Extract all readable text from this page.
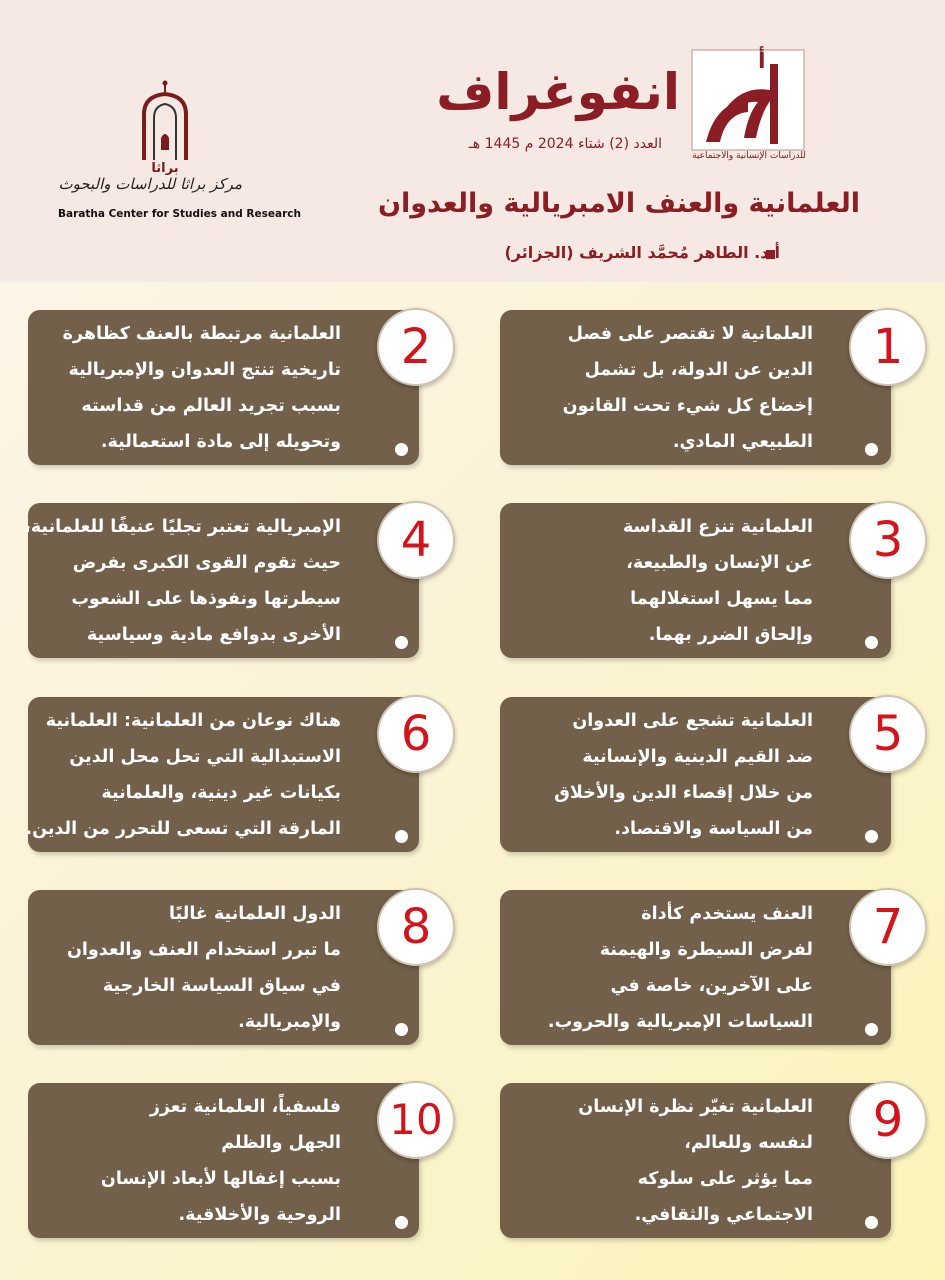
أ
للدراسات الإنسانية والاجتماعية
انفوغراف
العدد (2) شتاء 2024 م 1445 هـ
العلمانية والعنف الامبريالية والعدوان
أ.د. الطاهر مُحمَّد الشريف (الجزائر)
براثا
مركز براثا للدراسات والبحوث
Baratha Center for Studies and Research
العلمانية لا تقتصر على فصل
الدين عن الدولة، بل تشمل
إخضاع كل شيء تحت القانون
الطبيعي المادي.
1
العلمانية مرتبطة بالعنف كظاهرة
تاريخية تنتج العدوان والإمبريالية
بسبب تجريد العالم من قداسته
وتحويله إلى مادة استعمالية.
2
العلمانية تنزع القداسة
عن الإنسان والطبيعة،
مما يسهل استغلالهما
وإلحاق الضرر بهما.
3
الإمبريالية تعتبر تجليًا عنيفًا للعلمانية،
حيث تقوم القوى الكبرى بفرض
سيطرتها ونفوذها على الشعوب
الأخرى بدوافع مادية وسياسية
4
العلمانية تشجع على العدوان
ضد القيم الدينية والإنسانية
من خلال إقصاء الدين والأخلاق
من السياسة والاقتصاد.
5
هناك نوعان من العلمانية: العلمانية
الاستبدالية التي تحل محل الدين
بكيانات غير دينية، والعلمانية
المارقة التي تسعى للتحرر من الدين.
6
العنف يستخدم كأداة
لفرض السيطرة والهيمنة
على الآخرين، خاصة في
السياسات الإمبريالية والحروب.
7
الدول العلمانية غالبًا
ما تبرر استخدام العنف والعدوان
في سياق السياسة الخارجية
والإمبريالية.
8
العلمانية تغيّر نظرة الإنسان
لنفسه وللعالم،
مما يؤثر على سلوكه
الاجتماعي والثقافي.
9
فلسفياً، العلمانية تعزز
الجهل والظلم
بسبب إغفالها لأبعاد الإنسان
الروحية والأخلاقية.
10
